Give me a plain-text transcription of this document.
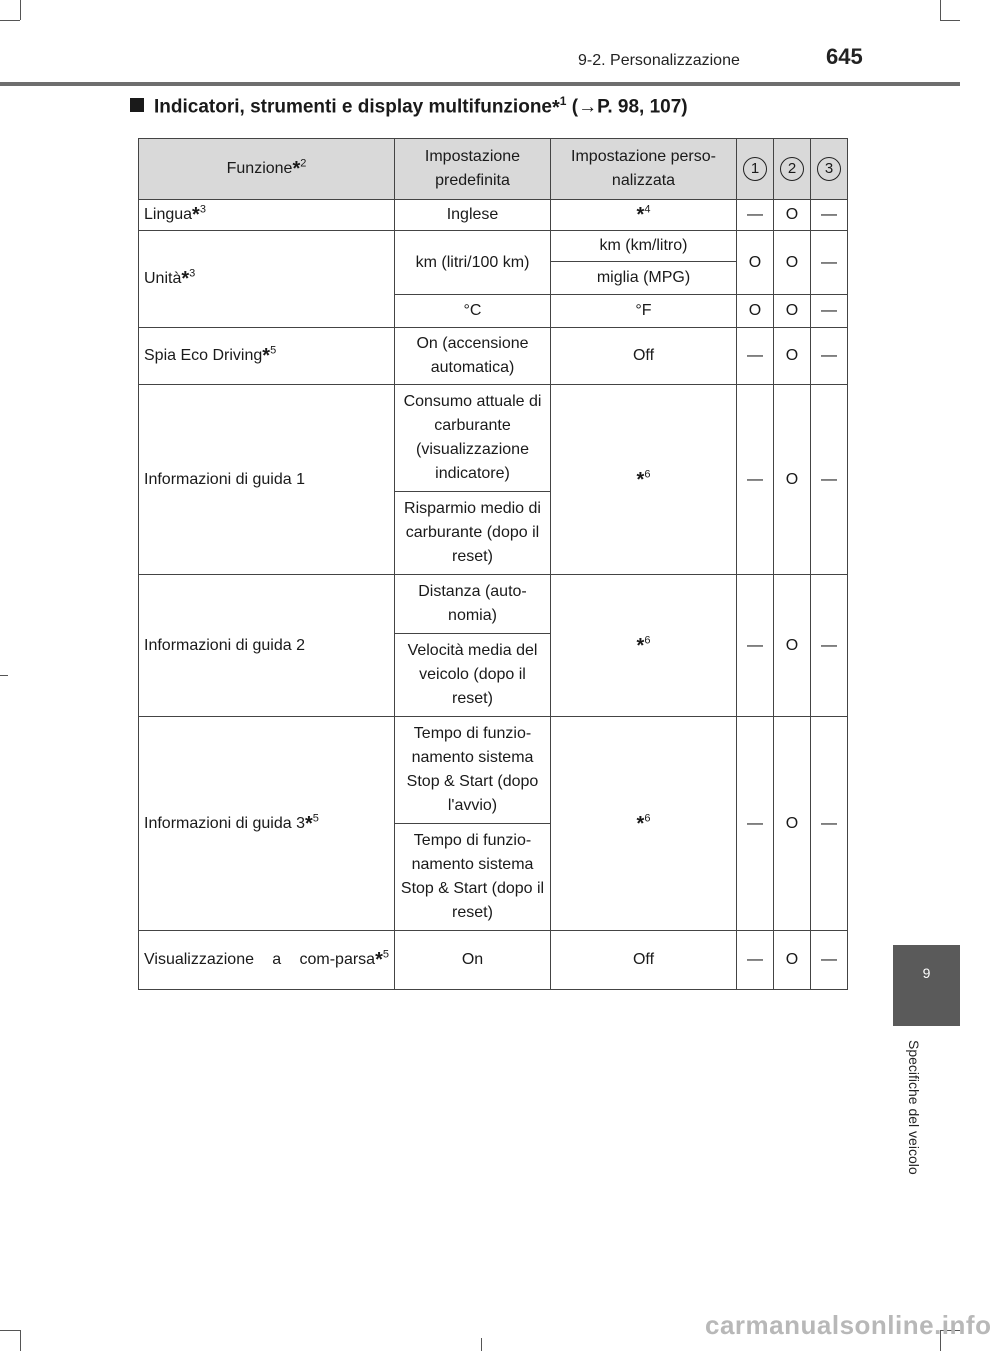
9-2. Personalizzazione	645
Indicatori, strumenti e display multifunzione*$^1$ (→P. 98, 107)
Funzione*$^2$	Impostazione predefinita	Impostazione perso-nalizzata	1	2	3
Lingua*$^3$	Inglese	*$^4$	—	O	—
Unità*$^3$	km (litri/100 km)	km (km/litro)	O	O	—
		miglia (MPG)			
	°C	°F	O	O	—
Spia Eco Driving*$^5$	On (accensione automatica)	Off	—	O	—
Informazioni di guida 1	Consumo attuale di carburante (visualizzazione indicatore)	*$^6$	—	O	—
	Risparmio medio di carburante (dopo il reset)				
Informazioni di guida 2	Distanza (auto-nomia)	*$^6$	—	O	—
	Velocità media del veicolo (dopo il reset)				
Informazioni di guida 3*$^5$	Tempo di funzio-namento sistema Stop & Start (dopo l'avvio)	*$^6$	—	O	—
	Tempo di funzio-namento sistema Stop & Start (dopo il reset)				
Visualizzazione a com-parsa*$^5$	On	Off	—	O	—
9
Specifiche del veicolo
carmanualsonline.info
